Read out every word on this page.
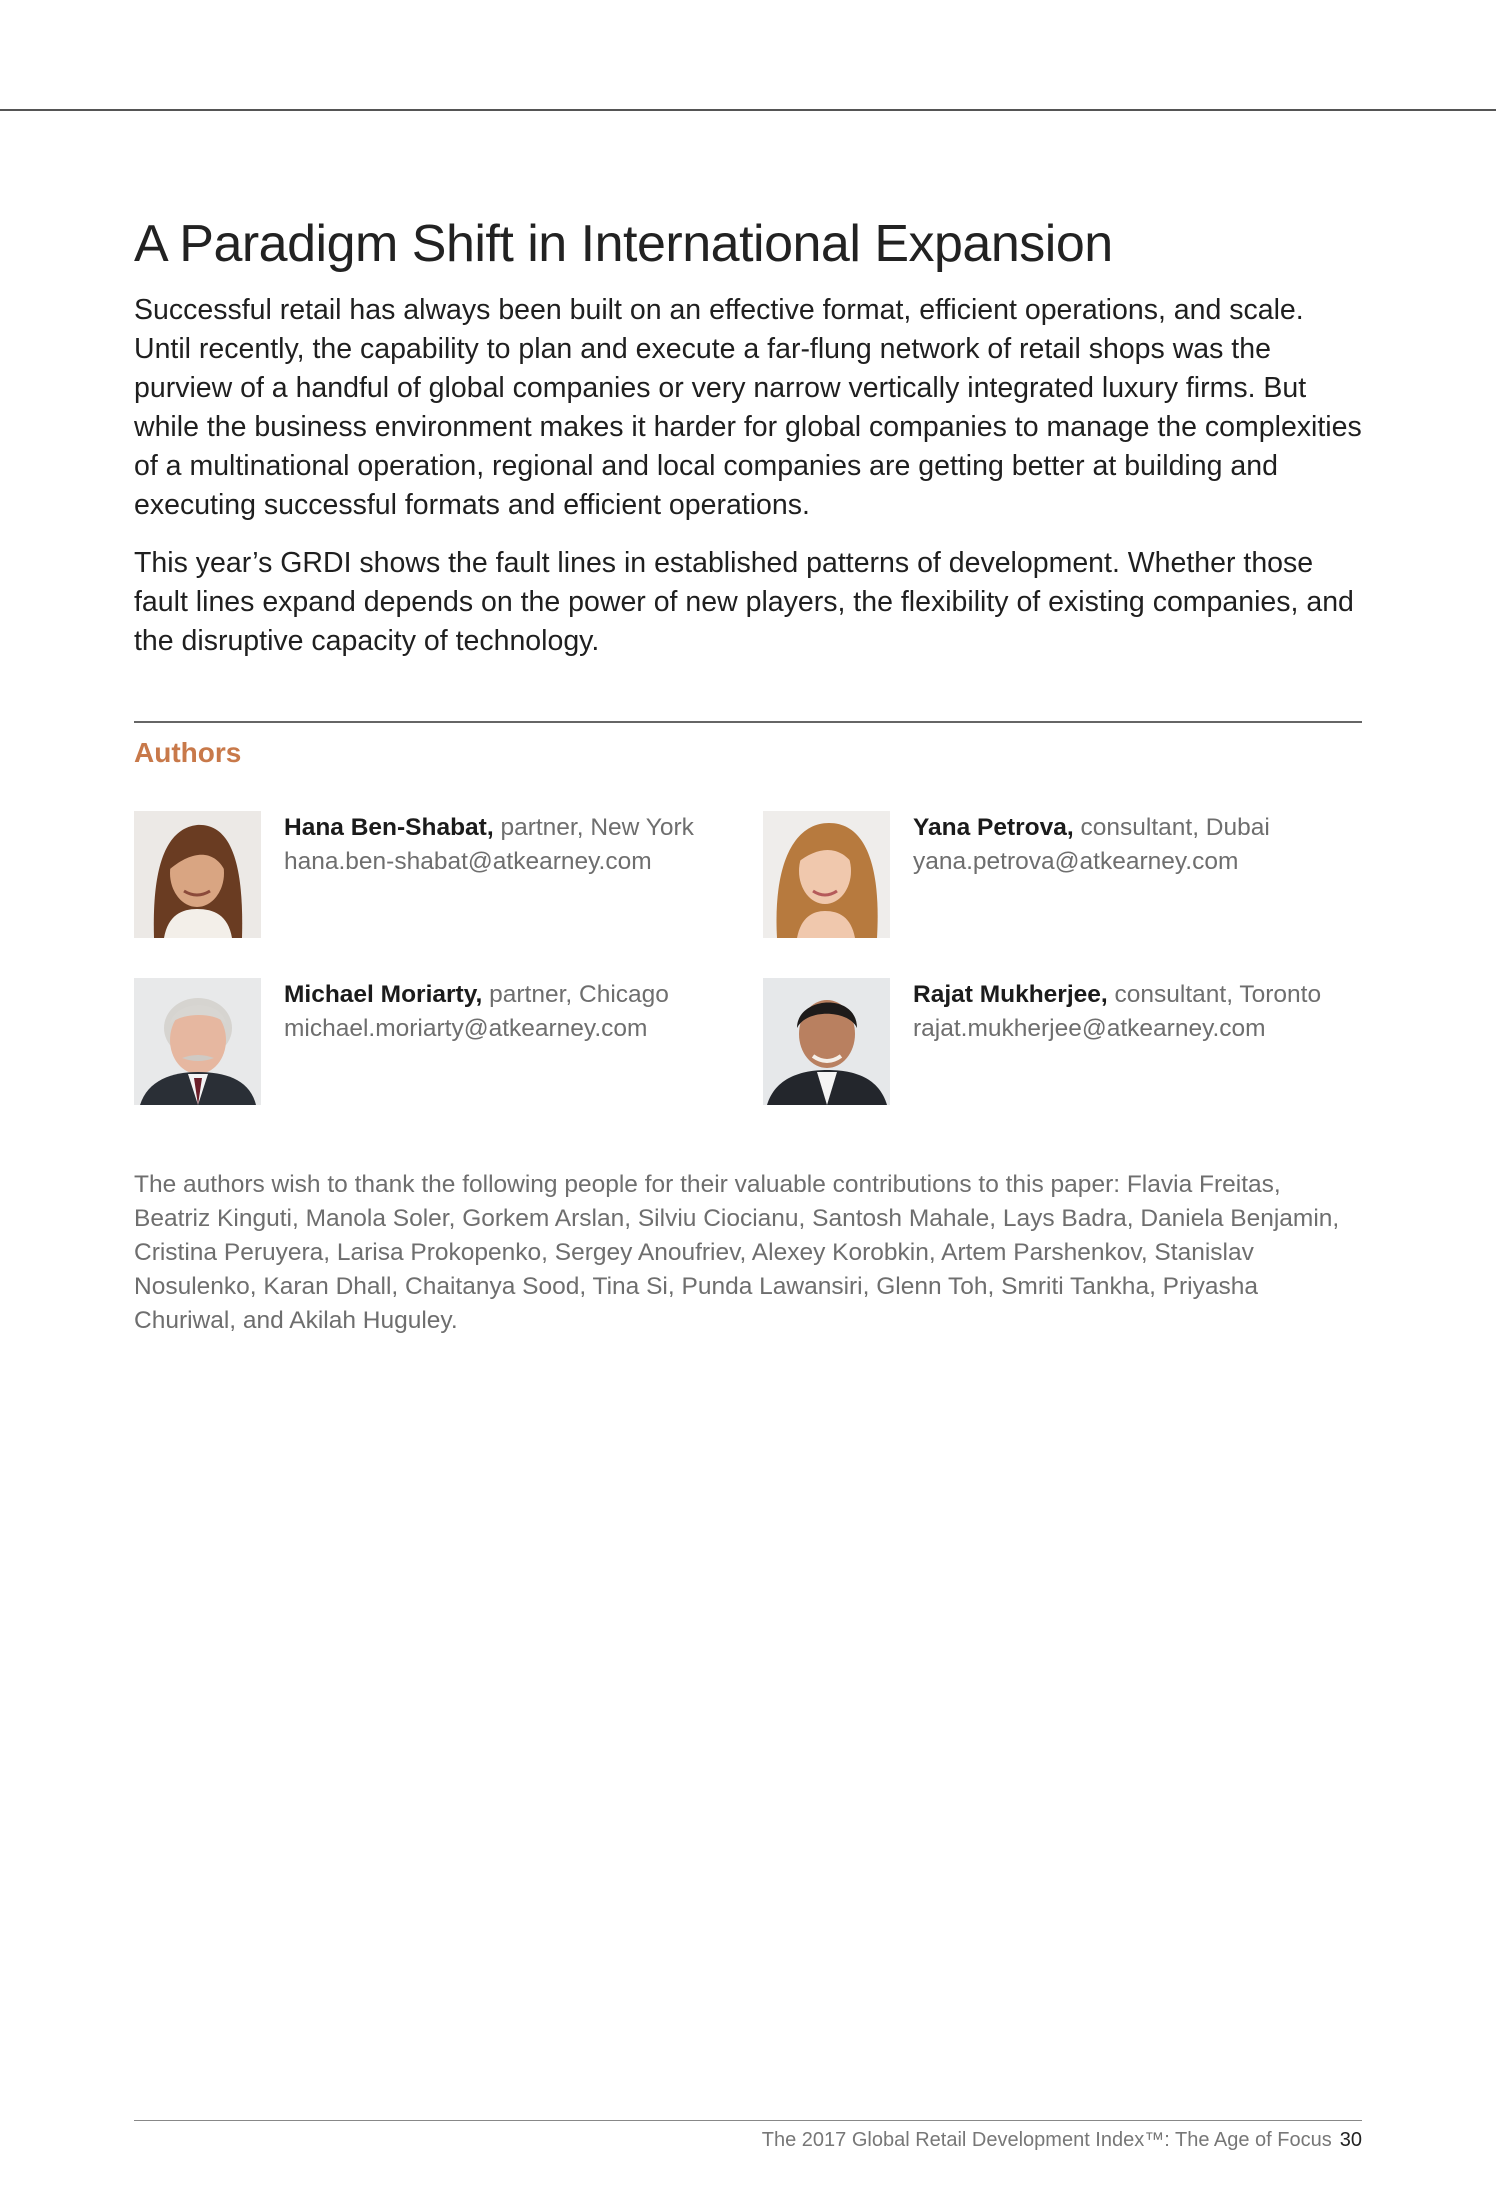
A Paradigm Shift in International Expansion

Successful retail has always been built on an effective format, efficient operations, and scale. Until recently, the capability to plan and execute a far-flung network of retail shops was the purview of a handful of global companies or very narrow vertically integrated luxury firms. But while the business environment makes it harder for global companies to manage the complexities of a multinational operation, regional and local companies are getting better at building and executing successful formats and efficient operations.

This year’s GRDI shows the fault lines in established patterns of development. Whether those fault lines expand depends on the power of new players, the flexibility of existing companies, and the disruptive capacity of technology.

Authors
Hana Ben-Shabat, partner, New York
hana.ben-shabat@atkearney.com
Yana Petrova, consultant, Dubai
yana.petrova@atkearney.com
Michael Moriarty, partner, Chicago
michael.moriarty@atkearney.com
Rajat Mukherjee, consultant, Toronto
rajat.mukherjee@atkearney.com

The authors wish to thank the following people for their valuable contributions to this paper: Flavia Freitas, Beatriz Kinguti, Manola Soler, Gorkem Arslan, Silviu Ciocianu, Santosh Mahale, Lays Badra, Daniela Benjamin, Cristina Peruyera, Larisa Prokopenko, Sergey Anoufriev, Alexey Korobkin, Artem Parshenkov, Stanislav Nosulenko, Karan Dhall, Chaitanya Sood, Tina Si, Punda Lawansiri, Glenn Toh, Smriti Tankha, Priyasha Churiwal, and Akilah Huguley.

The 2017 Global Retail Development Index™: The Age of Focus 30
